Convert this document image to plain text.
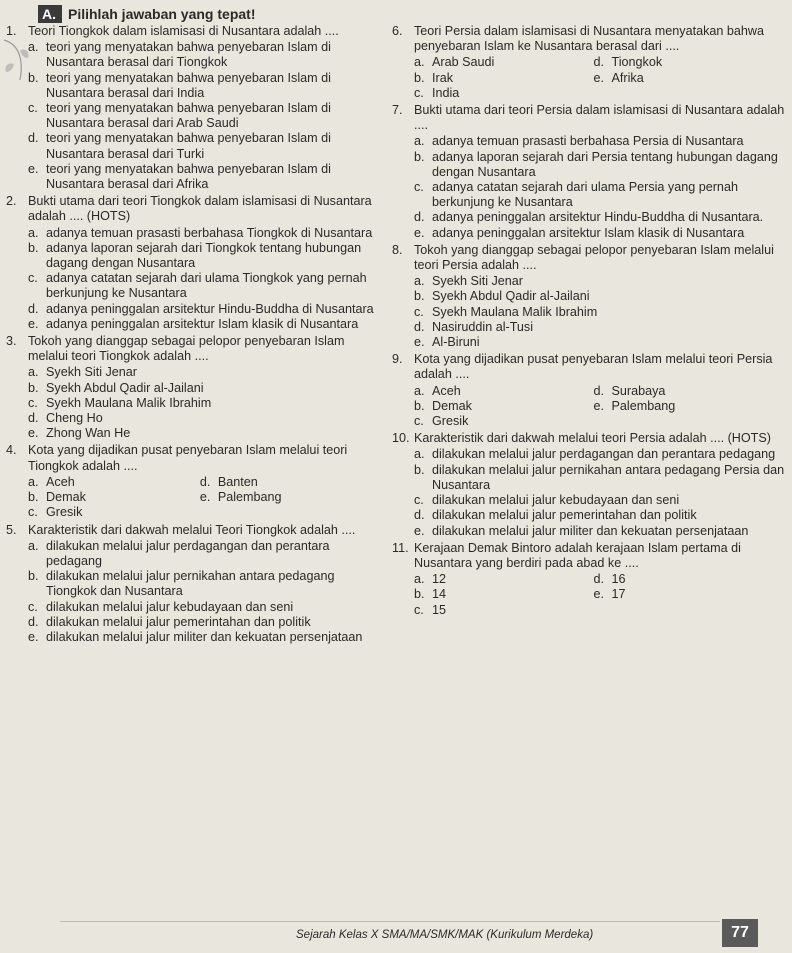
A. Pilihlah jawaban yang tepat!
1. Teori Tiongkok dalam islamisasi di Nusantara adalah ....
a. teori yang menyatakan bahwa penyebaran Islam di Nusantara berasal dari Tiongkok
b. teori yang menyatakan bahwa penyebaran Islam di Nusantara berasal dari India
c. teori yang menyatakan bahwa penyebaran Islam di Nusantara berasal dari Arab Saudi
d. teori yang menyatakan bahwa penyebaran Islam di Nusantara berasal dari Turki
e. teori yang menyatakan bahwa penyebaran Islam di Nusantara berasal dari Afrika
2. Bukti utama dari teori Tiongkok dalam islamisasi di Nusantara adalah .... (HOTS)
a. adanya temuan prasasti berbahasa Tiongkok di Nusantara
b. adanya laporan sejarah dari Tiongkok tentang hubungan dagang dengan Nusantara
c. adanya catatan sejarah dari ulama Tiongkok yang pernah berkunjung ke Nusantara
d. adanya peninggalan arsitektur Hindu-Buddha di Nusantara
e. adanya peninggalan arsitektur Islam klasik di Nusantara
3. Tokoh yang dianggap sebagai pelopor penyebaran Islam melalui teori Tiongkok adalah ....
a. Syekh Siti Jenar
b. Syekh Abdul Qadir al-Jailani
c. Syekh Maulana Malik Ibrahim
d. Cheng Ho
e. Zhong Wan He
4. Kota yang dijadikan pusat penyebaran Islam melalui teori Tiongkok adalah ....
a. Aceh	d. Banten
b. Demak	e. Palembang
c. Gresik
5. Karakteristik dari dakwah melalui Teori Tiongkok adalah ....
a. dilakukan melalui jalur perdagangan dan perantara pedagang
b. dilakukan melalui jalur pernikahan antara pedagang Tiongkok dan Nusantara
c. dilakukan melalui jalur kebudayaan dan seni
d. dilakukan melalui jalur pemerintahan dan politik
e. dilakukan melalui jalur militer dan kekuatan persenjataan
6. Teori Persia dalam islamisasi di Nusantara menyatakan bahwa penyebaran Islam ke Nusantara berasal dari ....
a. Arab Saudi	d. Tiongkok
b. Irak	e. Afrika
c. India
7. Bukti utama dari teori Persia dalam islamisasi di Nusantara adalah ....
a. adanya temuan prasasti berbahasa Persia di Nusantara
b. adanya laporan sejarah dari Persia tentang hubungan dagang dengan Nusantara
c. adanya catatan sejarah dari ulama Persia yang pernah berkunjung ke Nusantara
d. adanya peninggalan arsitektur Hindu-Buddha di Nusantara.
e. adanya peninggalan arsitektur Islam klasik di Nusantara
8. Tokoh yang dianggap sebagai pelopor penyebaran Islam melalui teori Persia adalah ....
a. Syekh Siti Jenar
b. Syekh Abdul Qadir al-Jailani
c. Syekh Maulana Malik Ibrahim
d. Nasiruddin al-Tusi
e. Al-Biruni
9. Kota yang dijadikan pusat penyebaran Islam melalui teori Persia adalah ....
a. Aceh	d. Surabaya
b. Demak	e. Palembang
c. Gresik
10. Karakteristik dari dakwah melalui teori Persia adalah .... (HOTS)
a. dilakukan melalui jalur perdagangan dan perantara pedagang
b. dilakukan melalui jalur pernikahan antara pedagang Persia dan Nusantara
c. dilakukan melalui jalur kebudayaan dan seni
d. dilakukan melalui jalur pemerintahan dan politik
e. dilakukan melalui jalur militer dan kekuatan persenjataan
11. Kerajaan Demak Bintoro adalah kerajaan Islam pertama di Nusantara yang berdiri pada abad ke ....
a. 12	d. 16
b. 14	e. 17
c. 15
Sejarah Kelas X SMA/MA/SMK/MAK (Kurikulum Merdeka)	77
